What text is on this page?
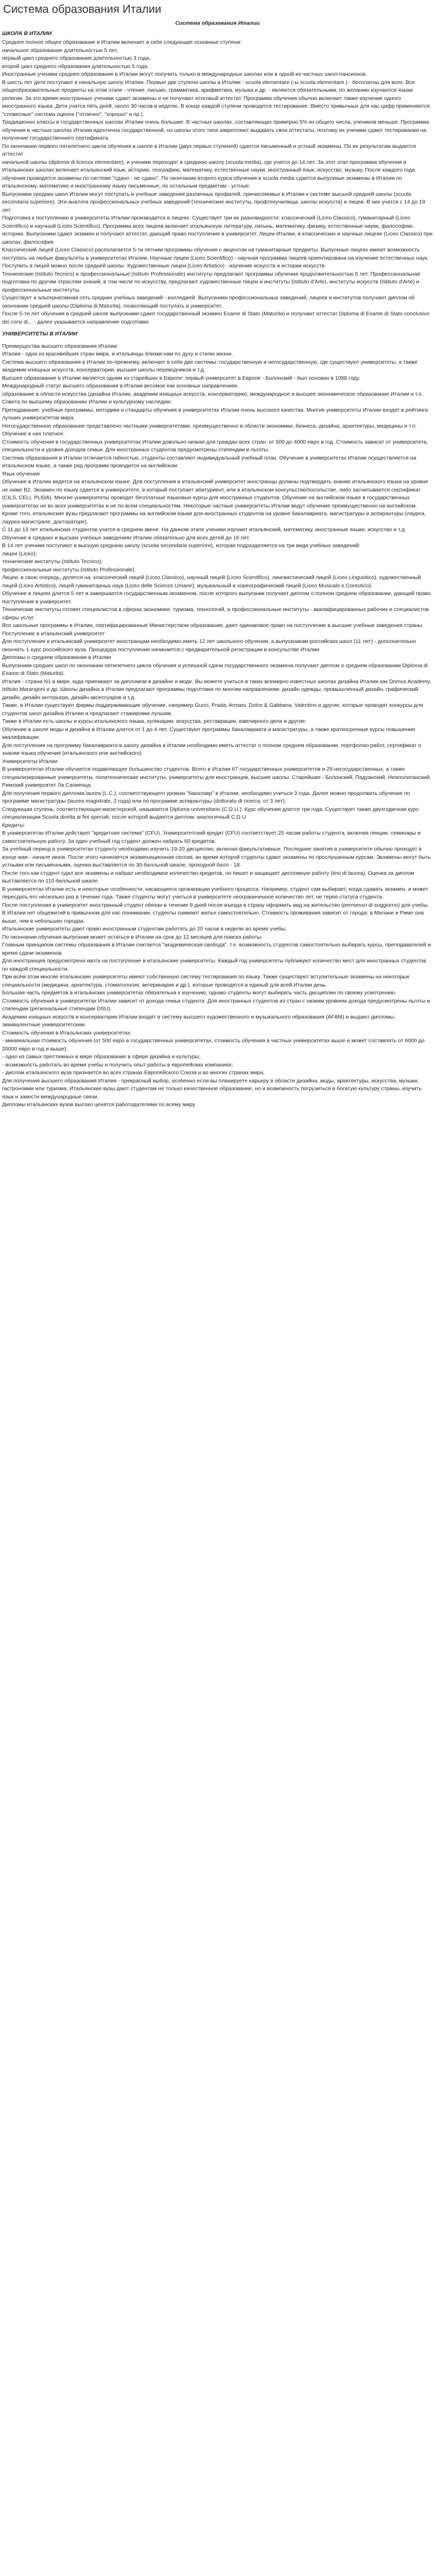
Система образования Италии

Система образования Италии

ШКОЛА В ИТАЛИИ

Среднее полное общее образование в Италии включает в себя следующие основные ступени:

начальное образование длительностью 5 лет,

первый цикл среднего образования длительностью 3 года;

второй цикл среднего образования длительностью 5 года.

Иностранные ученики среднее образование в Италии могут получить только в международных школах или в одной из частных школ-пансионов.

В шесть лет дети поступают в начальную школу Италии. Первые две ступени школы в Италии - scuola elementare (-ы scuola elementare ) - бесплатны для всех. Все общеобразовательные предметы на этом этапе - чтение, письмо, грамматика, арифметика, музыка и др. - являются обязательными, по желанию изучаются языки религии. За это время иностранные ученики сдают экзамены и не получают итоговый аттестат. Программа обучения обычно включает также изучение одного иностранного языка. Дети учатся пять дней, около 30 часов в неделю. В конце каждой ступени проводится тестирование. Вместо привычных для нас цифр применяются "словесные" система оценок ("отлично", "хорошо" и пр.).

Традиционно классы в государственных школах Италии очень большие. В частных школах, составляющих примерно 5% из общего числа, учеников меньше. Программа обучения в частных школах Италии идентична государственной, но школы этого типа закрепляют выдавать свои аттестаты, поэтому их ученики сдают тестирования на получение государственного сертификата.

По окончании первого пятилетнего цикла обучения в школе в Италии (двух первых ступеней) сдается письменный и устный экзамены. По их результатам выдается аттестат

начальной школы (diploma di licenza elementare), и ученики переходят в среднюю школу (scuola media), где учатся до 14 лет. За этот этап программа обучения в Итальянских школах включает итальянский язык, историю, географию, математику, естественные науки, иностранный язык, искусство, музыку. После каждого года обучения проводятся экзамены по системе "сдано - не сдано". По окончании второго курса обучения в scuola media сдается выпускные экзамены в Италии по итальянскому, математике и иностранному языку письменные, по остальным предметам - устные.

Выпускники средних школ Италии могут поступать в учебные заведения различных профилей, причисляемых в Италии к системе высшей средней школы (scuola secondaria superiore). Эти аналоги профессиональных учебных заведений (технические институты, профтехучилища, школы искусств) и лицеи. В них учатся с 14 до 19 лет.

Подготовка к поступлению в университеты Италии производится в лицеях. Существует три их разновидности: классический (Liceo Classico), гуманитарный (Liceo Scientifico) и научный (Liceo Scientifico). Программа всех лицеев включает итальянскую литературу, латынь, математику, физику, естественные науки, философию, историю. Выпускники сдают экзамен и получают аттестат, дающий право поступления в университет. Лицеи Италии, в классических и научных лицеях (Liceo Classico) при школах, философия.

Классический лицей (Liceo Classico) располагается 5-ти летним программы обучения с акцентом на гуманитарные предметы. Выпускные лицеях имеют возможность поступать на любые факультеты в университетах Италии. Научные лицеи (Liceo Scientifico) - научная программа лицеев ориентирована на изучение естественных наук. Поступить в лицей можно после средней школы. Художественные лицеи (Liceo Artistico) - изучение искусств и истории искусств.

Технические (Istituto Tecnico) и профессиональные (Istituto Professionale) институты предлагают программы обучения продолжительностью 5 лет. Профессиональная подготовка по другим отраслям знаний, в том числе по искусству, предлагают художественные лицеи и институты (Istituto d'Arte), институты искусств (Istituto d'Arte) и профессиональные институты.

Существует и альтернативная сеть средних учебных заведений - колледжей. Выпускники профессиональных заведений, лицеев и институтов получают диплом об окончании средней школы (Diploma di Maturita), позволяющий поступать в университет.

После 5-ти лет обучения в средней школе выпускники сдают государственный экзамен Esame di Stato (Maturita) и получают аттестат Diploma di Esame di Stato conclusivo dei corsi di... - далее указывается направление подготовки.

УНИВЕРСИТЕТЫ В ИТАЛИИ

Преимущества высшего образования Италии:

Италия - одна из красивейших стран мира, и итальянцы близки нам по духу и стилю жизни.

Система высшего образования в Италии по-прежнему, включает в себя две системы: государственную и негосударственную, где существуют университеты, а также академии изящных искусств, консерватории, высшие школы переводчиков и т.д.

Высшее образование в Италии является одним из старейших в Европе: первый университет в Европе - Болонский - был основан в 1088 году.

Международный статус высшего образования в Италии весомое как основных направлениях.

образование в области искусства (дизайна Италии, академии изящных искусств, консерватории), международное и высшее экономическое образование Италии и т.п. Совета по высшему образованию Италии и культурному наследию.

Преподавание, учебные программы, методики и стандарты обучения в университетах Италии очень высокого качества. Многие университеты Италии входят в рейтинги лучших университетов мира.

Негосударственное образование представлено частными университетами, преимущественно в области экономики, бизнеса, дизайна, архитектуры, медицины и т.п. Обучение в них платное.

Стоимость обучения в государственных университетах Италии довольно низкая для граждан всех стран: от 500 до 4000 евро в год. Стоимость зависит от университета, специальности и уровня доходов семьи. Для иностранных студентов предусмотрены стипендии и льготы.

Система образования в Италии отличается гибкостью, студенты составляют индивидуальный учебный план. Обучение в университетах Италии осуществляется на итальянском языке, а также ряд программ проводится на английском.

Язык обучения

Обучение в Италии ведется на итальянском языке. Для поступления в итальянский университет иностранцы должны подтвердить знание итальянского языка на уровне не ниже B2. Экзамен по языку сдается в университете, в который поступает абитуриент, или в итальянском консульстве/посольстве, либо засчитывается сертификат (CILS, CELI, PLIDA). Многие университеты проводят бесплатные языковые курсы для иностранных студентов. Обучение на английском языке в государственных университетах не во всех университетах и не по всем специальностям. Некоторые частные университеты Италии ведут обучение преимущественно на английском.

Кроме того, итальянские вузы предлагают программы на английском языке для иностранных студентов на уровне бакалавриата, магистратуры и аспирантуры (лауреа, лауреа магистрале, доктораторе).

С 11 до 13 лет итальянских студентов учатся в среднем звене. На данном этапе ученики изучают итальянский, математику, иностранные языки, искусство и т.д.

Обучение в средних и высших учебных заведениях Италии обязательно для всех детей до 16 лет.

В 14 лет ученики поступают в высшую среднюю школу (scuola secondaria superiore), которая подразделяется на три вида учебных заведений:

лицеи (Liceo);

технические институты (Istituto Tecnico);

профессиональные институты (Istituto Professionale).

Лицеи, в свою очередь, делятся на: классический лицей (Liceo Classico), научный лицей (Liceo Scientifico), лингвистический лицей (Liceo Linguistico), художественный лицей (Liceo Artistico), лицей гуманитарных наук (Liceo delle Scienze Umane), музыкальный и хореографический лицей (Liceo Musicale e Coreutico).

Обучение в лицеях длится 5 лет и завершается государственным экзаменом, после которого выпускник получает диплом о полном среднем образовании, дающий право поступления в университет.

Технические институты готовят специалистов в сферах экономики, туризма, технологий, а профессиональные институты - квалифицированных рабочих и специалистов сферы услуг.

Все школьные программы в Италии, сертифицированные Министерством образования, дают одинаковое право на поступление в высшие учебные заведения страны.

Поступление в итальянский университет

Для поступления в итальянский университет иностранцам необходимо иметь 12 лет школьного обучения, а выпускникам российских школ (11 лет) - дополнительно окончить 1 курс российского вуза. Процедура поступления начинается с предварительной регистрации в консульстве Италии.

Дипломы о среднем образовании в Италии

Выпускники средних школ по окончании пятилетнего цикла обучения и успешной сдачи государственного экзамена получают диплом о среднем образовании Diploma di Esame di Stato (Maturita).

Италия - страна N1 в мире, куда приезжают за дипломом в дизайне и моде. Вы можете учиться в таких всемирно известных школах дизайна Италии как Domus Academy, Istituto Marangoni и др. Школы дизайна в Италии предлагают программы подготовки по многим направлениям: дизайн одежды, промышленный дизайн, графический дизайн, дизайн интерьера, дизайн аксессуаров и т.д.

Также, в Италии существуют фирмы поддерживающие обучение, например Gucci, Prada, Armani, Dolce & Gabbana, Valentino и другие, которые проводят конкурсы для студентов школ дизайна Италии и предлагают стажировки лучшим.

Также в Италии есть школы и курсы итальянского языка, кулинарии, искусства, реставрации, ювелирного дела и другие.

Обучение в школе моды и дизайна в Италии длится от 1 до 4 лет. Существуют программы бакалавриата и магистратуры, а также краткосрочные курсы повышения квалификации.

Для поступления на программу бакалавриата в школу дизайна в Италии необходимо иметь аттестат о полном среднем образовании, портфолио работ, сертификат о знании языка обучения (итальянского или английского).

Университеты Италии

В университетах Италии обучается подавляющее большинство студентов. Всего в Италии 67 государственных университетов и 29 негосударственных, а также специализированные университеты, политехнические институты, университеты для иностранцев, высшие школы. Старейшие - Болонский, Падуанский, Неаполитанский, Римский университет Ла Сапиенца.

Для получения первого диплома laurea (L.C.), соответствующего уровню "бакалавр" в Италии, необходимо учиться 3 года. Далее можно продолжить обучение по программе магистратуры (laurea magistrale, 2 года) или по программе аспирантуры (dottorato di ricerca, от 3 лет).

Следующая ступень, соответствующая магистерской, называется Diploma universitario (C.D.U.). Курс обучения длится три года. Существует также двухгодичная курс специализации Scuola diretta ai fini speciali, после которой выдается диплом, аналогичный С.D.U.

Кредиты:

В университетах Италии действует "кредитная система" (CFU). Университетский кредит (CFU) соответствует 25 часам работы студента, включая лекции, семинары и самостоятельную работу. За один учебный год студент должен набрать 60 кредитов.

За учебный период в университетах студенту необходимо изучить 19-20 дисциплин, включая факультативные. Последние занятия в университете обычно проходят в конце мая - начале июня. После этого начинается экзаменационная сессия, во время которой студенты сдают экзамены по прослушанным курсам. Экзамены могут быть устными или письменными, оценка выставляется по 30-балльной шкале, проходной балл - 18.

После того как студент сдал все экзамены и набрал необходимое количество кредитов, он пишет и защищает дипломную работу (tesi di laurea). Оценка за диплом выставляется по 110-балльной шкале.

В университетах Италии есть и некоторые особенности, касающиеся организации учебного процесса. Например, студент сам выбирает, когда сдавать экзамен, и может пересдать его несколько раз в течение года. Также студенты могут учиться в университете неограниченное количество лет, не теряя статуса студента.

После поступления в университет иностранный студент обязан в течение 8 дней после въезда в страну оформить вид на жительство (permesso di soggiorno) для учебы.

В Италии нет общежитий в привычном для нас понимании, студенты снимают жилье самостоятельно. Стоимость проживания зависит от города: в Милане и Риме она выше, чем в небольших городах.

Итальянские университеты дают право иностранным студентам работать до 20 часов в неделю во время учебы.

По окончании обучения выпускник может остаться в Италии на срок до 12 месяцев для поиска работы.

Главным принципом системы образования в Италии считается "академическая свобода", т.е. возможность студентов самостоятельно выбирать курсы, преподавателей и время сдачи экзаменов.

Для иностранцев предусмотрена квота на поступление в итальянские университеты. Каждый год университеты публикуют количество мест для иностранных студентов по каждой специальности.

При всём этом многие итальянские университеты имеют собственную систему тестирования по языку. Также существуют вступительные экзамены на некоторые специальности (медицина, архитектура, стоматология, ветеринария и др.), которые проводятся в единый для всей Италии день.

Большая часть предметов в итальянских университетах обязательна к изучению, однако студенты могут выбирать часть дисциплин по своему усмотрению.

Стоимость обучения в университетах Италии зависит от дохода семьи студента. Для иностранных студентов из стран с низким уровнем дохода предусмотрены льготы и стипендии (региональные стипендии DSU).

Академии изящных искусств и консерватории Италии входят в систему высшего художественного и музыкального образования (AFAM) и выдают дипломы, эквивалентные университетским.

Стоимость обучения в Итальянских университетах:

- минимальная стоимость обучения (от 500 евро в государственных университетах, стоимость обучения в частных университетах выше и может составлять от 6000 до 20000 евро в год и выше);

- одно из самых престижных в мире образование в сфере дизайна и культуры;

- возможность работать во время учебы и получить опыт работы в европейских компаниях;

- диплом итальянского вуза признается во всех странах Европейского Союза и во многих странах мира.

Для получения высшего образования Италия - прекрасный выбор, особенно если вы планируете карьеру в области дизайна, моды, архитектуры, искусства, музыки, гастрономии или туризма. Итальянские вузы дают студентам не только качественное образование, но и возможность погрузиться в богатую культуру страны, изучить язык и завести международные связи.

Дипломы итальянских вузов высоко ценятся работодателями по всему миру.
